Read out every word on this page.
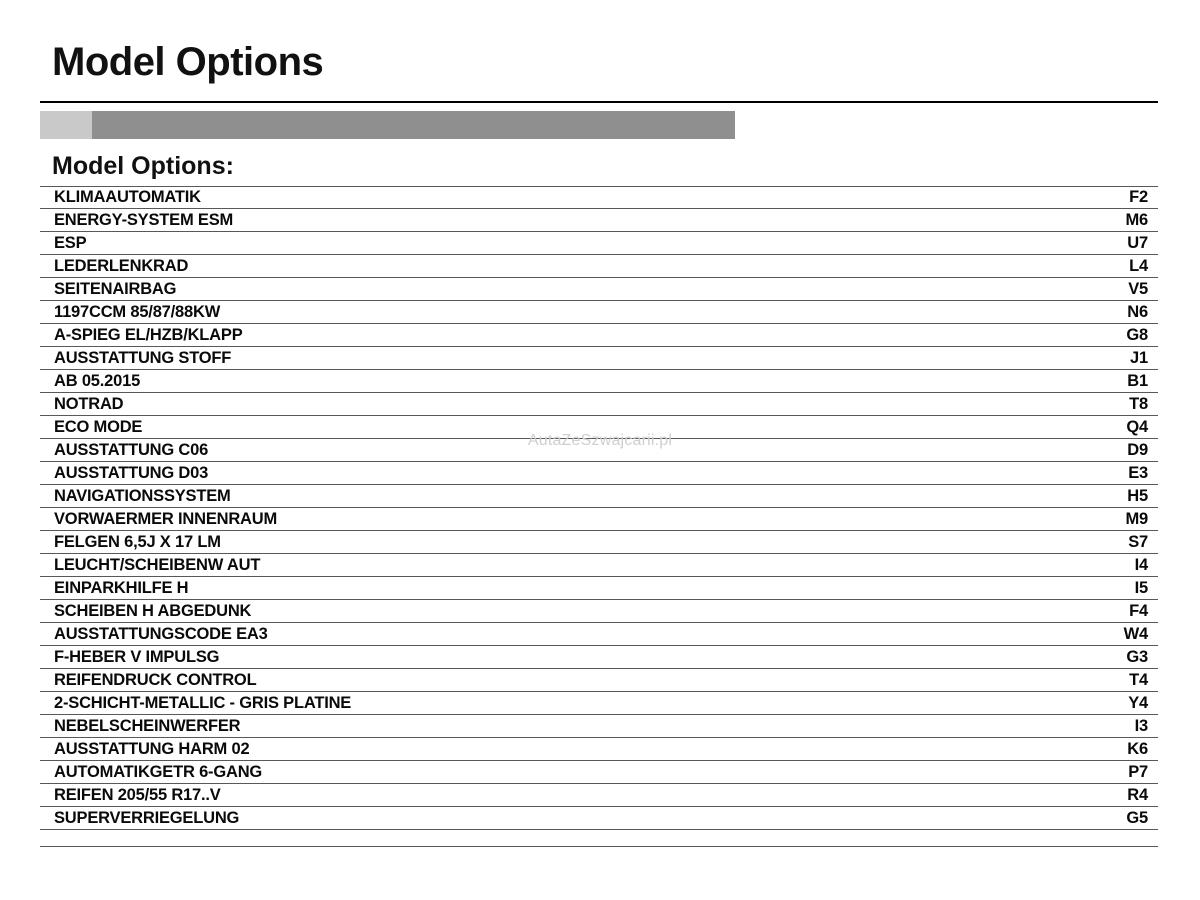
Model Options
Model Options:
KLIMAAUTOMATIK	F2
ENERGY-SYSTEM ESM	M6
ESP	U7
LEDERLENKRAD	L4
SEITENAIRBAG	V5
1197CCM 85/87/88KW	N6
A-SPIEG EL/HZB/KLAPP	G8
AUSSTATTUNG STOFF	J1
AB 05.2015	B1
NOTRAD	T8
ECO MODE	Q4
AUSSTATTUNG C06	D9
AUSSTATTUNG D03	E3
NAVIGATIONSSYSTEM	H5
VORWAERMER INNENRAUM	M9
FELGEN 6,5J X 17 LM	S7
LEUCHT/SCHEIBENW AUT	I4
EINPARKHILFE H	I5
SCHEIBEN H ABGEDUNK	F4
AUSSTATTUNGSCODE EA3	W4
F-HEBER V IMPULSG	G3
REIFENDRUCK CONTROL	T4
2-SCHICHT-METALLIC - GRIS PLATINE	Y4
NEBELSCHEINWERFER	I3
AUSSTATTUNG HARM 02	K6
AUTOMATIKGETR 6-GANG	P7
REIFEN 205/55 R17..V	R4
SUPERVERRIEGELUNG	G5
AutaZeSzwajcarii.pl
